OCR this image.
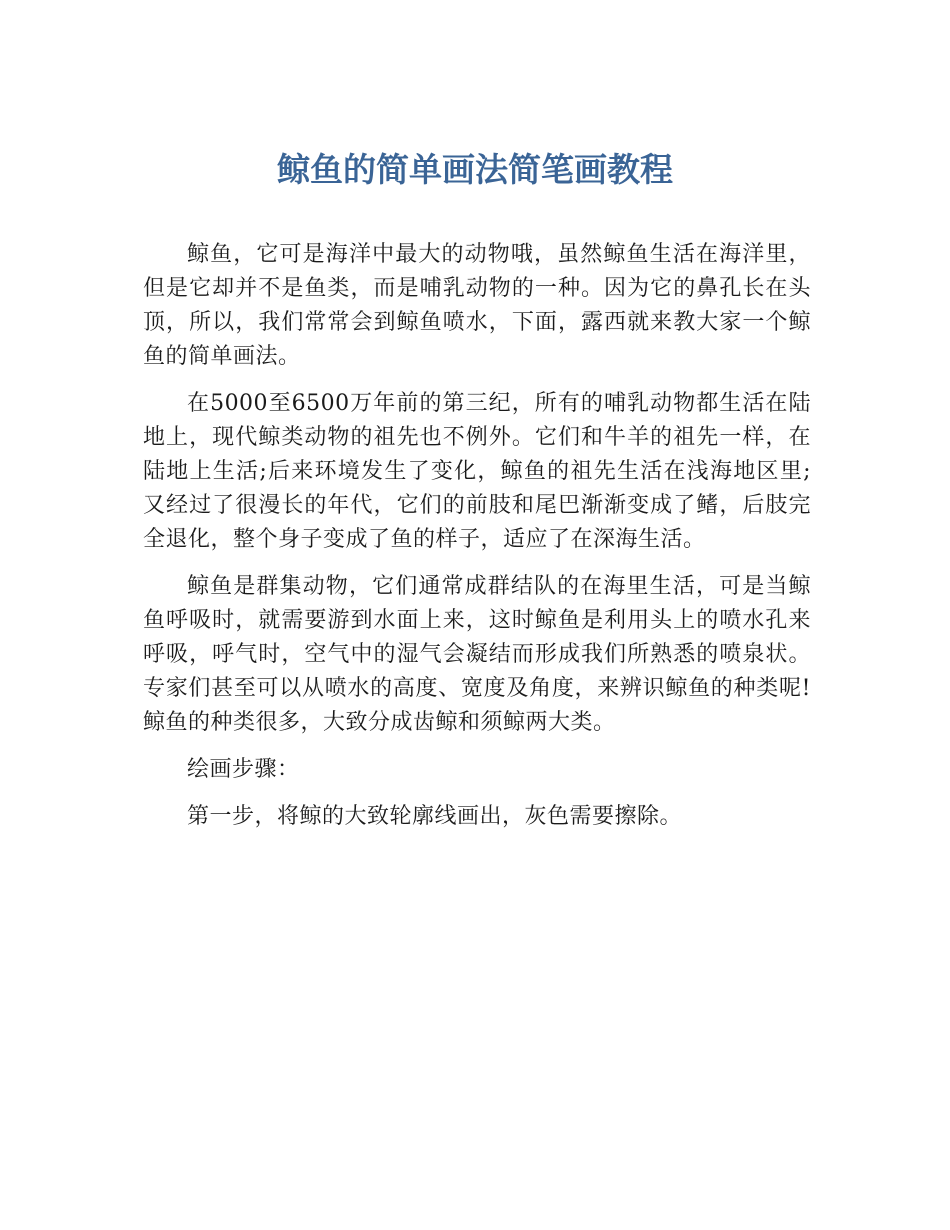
鲸鱼的简单画法简笔画教程

鲸鱼，它可是海洋中最大的动物哦，虽然鲸鱼生活在海洋里，但是它却并不是鱼类，而是哺乳动物的一种。因为它的鼻孔长在头顶，所以，我们常常会到鲸鱼喷水，下面，露西就来教大家一个鲸鱼的简单画法。

在5000至6500万年前的第三纪，所有的哺乳动物都生活在陆地上，现代鲸类动物的祖先也不例外。它们和牛羊的祖先一样，在陆地上生活;后来环境发生了变化，鲸鱼的祖先生活在浅海地区里;又经过了很漫长的年代，它们的前肢和尾巴渐渐变成了鳍，后肢完全退化，整个身子变成了鱼的样子，适应了在深海生活。

鲸鱼是群集动物，它们通常成群结队的在海里生活，可是当鲸鱼呼吸时，就需要游到水面上来，这时鲸鱼是利用头上的喷水孔来呼吸，呼气时，空气中的湿气会凝结而形成我们所熟悉的喷泉状。专家们甚至可以从喷水的高度、宽度及角度，来辨识鲸鱼的种类呢!鲸鱼的种类很多，大致分成齿鲸和须鲸两大类。

绘画步骤：

第一步，将鲸的大致轮廓线画出，灰色需要擦除。
